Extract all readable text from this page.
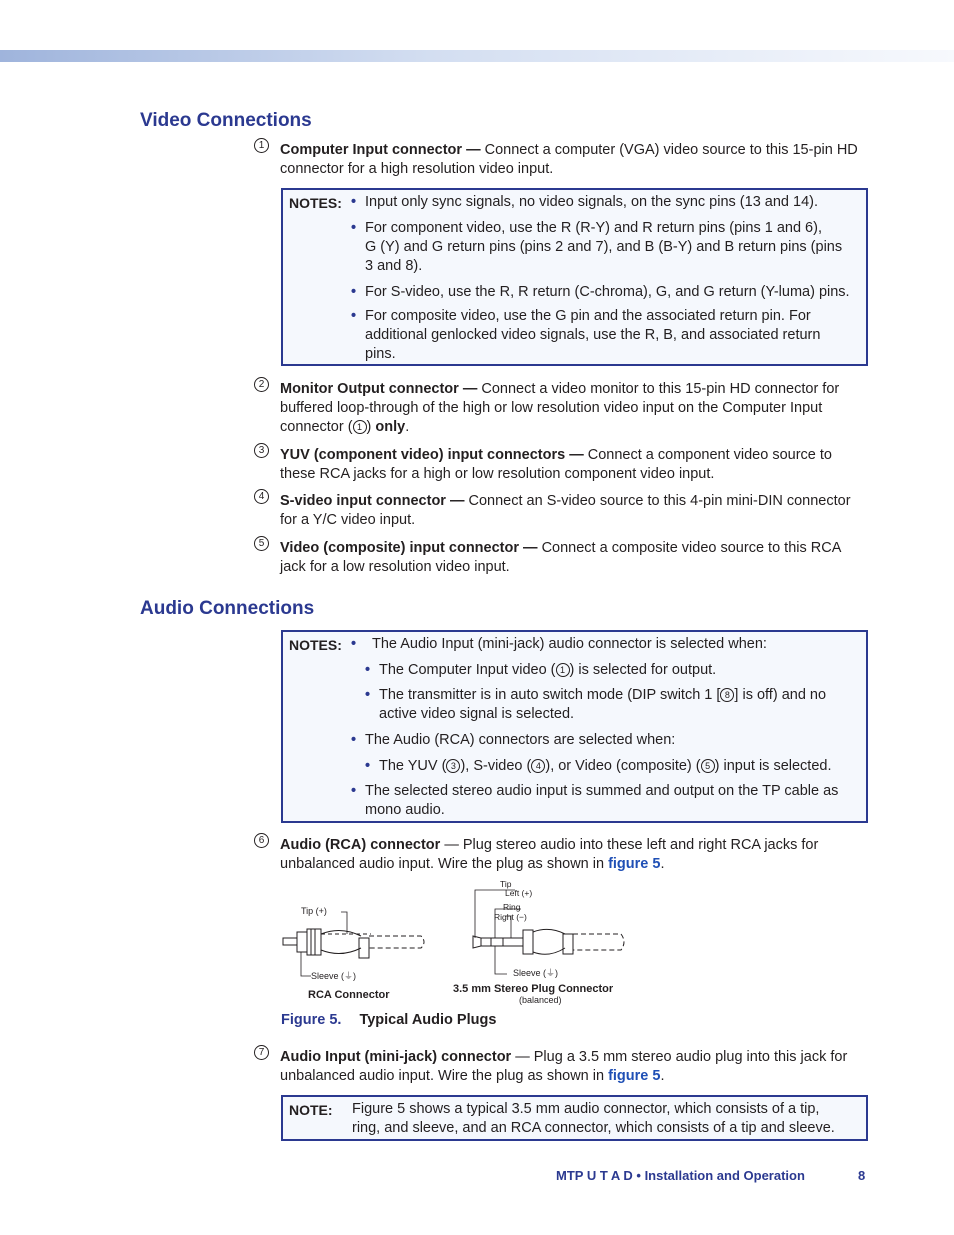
Video Connections
1	Computer Input connector — Connect a computer (VGA) video source to this 15-pin HD connector for a high resolution video input.
NOTES: • Input only sync signals, no video signals, on the sync pins (13 and 14).
• For component video, use the R (R-Y) and R return pins (pins 1 and 6),
G (Y) and G return pins (pins 2 and 7), and B (B-Y) and B return pins (pins
3 and 8).
• For S-video, use the R, R return (C-chroma), G, and G return (Y-luma) pins.
• For composite video, use the G pin and the associated return pin. For
additional genlocked video signals, use the R, B, and associated return
pins.
2	Monitor Output connector — Connect a video monitor to this 15-pin HD connector for buffered loop-through of the high or low resolution video input on the Computer Input connector ( 1 ) only.
3	YUV (component video) input connectors — Connect a component video source to these RCA jacks for a high or low resolution component video input.
4	S-video input connector — Connect an S-video source to this 4-pin mini-DIN connector for a Y/C video input.
5	Video (composite) input connector — Connect a composite video source to this RCA jack for a low resolution video input.
Audio Connections
NOTES: • The Audio Input (mini-jack) audio connector is selected when:
• The Computer Input video ( 1 ) is selected for output.
• The transmitter is in auto switch mode (DIP switch 1 [ 8 ] is off) and no
active video signal is selected.
• The Audio (RCA) connectors are selected when:
• The YUV ( 3 ), S-video ( 4 ), or Video (composite) ( 5 ) input is selected.
• The selected stereo audio input is summed and output on the TP cable as
mono audio.
6	Audio (RCA) connector — Plug stereo audio into these left and right RCA jacks for unbalanced audio input. Wire the plug as shown in figure 5.
Tip (+)
Sleeve (⏚)
RCA Connector
Tip
Left (+)
Ring
Right (−)
Sleeve (⏚)
3.5 mm Stereo Plug Connector
(balanced)
Figure 5. Typical Audio Plugs
7	Audio Input (mini-jack) connector — Plug a 3.5 mm stereo audio plug into this jack for unbalanced audio input. Wire the plug as shown in figure 5.
NOTE: Figure 5 shows a typical 3.5 mm audio connector, which consists of a tip,
ring, and sleeve, and an RCA connector, which consists of a tip and sleeve.
MTP U T A D • Installation and Operation	8
